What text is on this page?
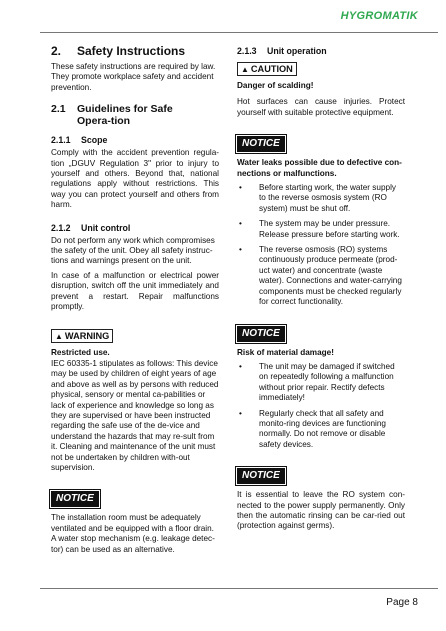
HYGROMATIK
2. Safety Instructions

These safety instructions are required by law. They promote workplace safety and accident prevention.

2.1	Guidelines for Safe Opera-tion
2.1.1 Scope

Comply with the accident prevention regula-tion „DGUV Regulation 3" prior to injury to yourself and others. Beyond that, national regulations apply without restrictions. This way you can protect yourself and others from harm.

2.1.2 Unit control

Do not perform any work which compromises the safety of the unit. Obey all safety instruc-tions and warnings present on the unit.

In case of a malfunction or electrical power disruption, switch off the unit immediately and prevent a restart. Repair malfunctions promptly.

▲ WARNING

Restricted use.

IEC 60335-1 stipulates as follows: This device may be used by children of eight years of age and above as well as by persons with reduced physical, sensory or mental ca-pabilities or lack of experience and knowledge so long as they are supervised or have been instructed regarding the safe use of the de-vice and understand the hazards that may re-sult from it. Cleaning and maintenance of the unit must not be undertaken by children with-out supervision.

NOTICE

The installation room must be adequately ventilated and be equipped with a floor drain. A water stop mechanism (e.g. leakage detec-tor) can be used as an alternative.

2.1.3 Unit operation
▲ CAUTION

Danger of scalding!

Hot surfaces can cause injuries. Protect yourself with suitable protective equipment.

NOTICE

Water leaks possible due to defective con-nections or malfunctions.

• Before starting work, the water supply to the reverse osmosis system (RO system) must be shut off.
• The system may be under pressure. Release pressure before starting work.
• The reverse osmosis (RO) systems continuously produce permeate (prod-uct water) and concentrate (waste water). Connections and water-carrying components must be checked regularly for correct functionality.
NOTICE

Risk of material damage!

• The unit may be damaged if switched on repeatedly following a malfunction without prior repair. Rectify defects immediately!
• Regularly check that all safety and monito-ring devices are functioning normally. Do not remove or disable safety devices.
NOTICE

It is essential to leave the RO system con-nected to the power supply permanently. Only then the automatic rinsing can be car-ried out (protection against germs).

Page 8
